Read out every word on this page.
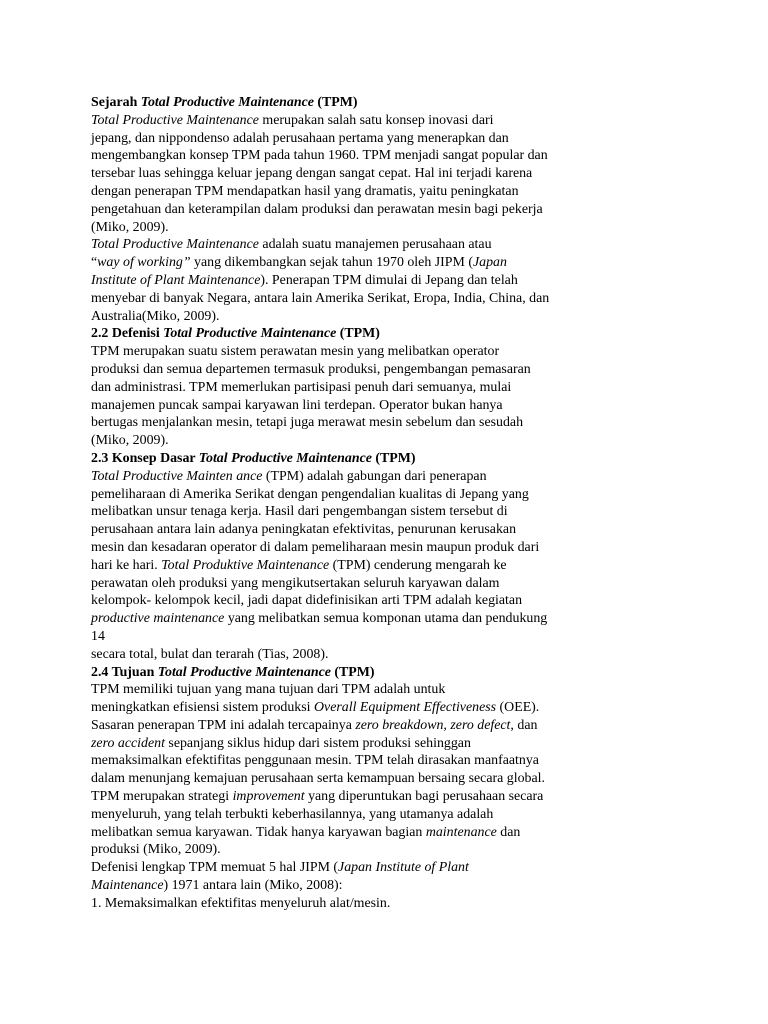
Sejarah Total Productive Maintenance (TPM)
Total Productive Maintenance merupakan salah satu konsep inovasi dari
jepang, dan nippondenso adalah perusahaan pertama yang menerapkan dan
mengembangkan konsep TPM pada tahun 1960. TPM menjadi sangat popular dan
tersebar luas sehingga keluar jepang dengan sangat cepat. Hal ini terjadi karena
dengan penerapan TPM mendapatkan hasil yang dramatis, yaitu peningkatan
pengetahuan dan keterampilan dalam produksi dan perawatan mesin bagi pekerja
(Miko, 2009).
Total Productive Maintenance adalah suatu manajemen perusahaan atau
“way of working” yang dikembangkan sejak tahun 1970 oleh JIPM (Japan
Institute of Plant Maintenance). Penerapan TPM dimulai di Jepang dan telah
menyebar di banyak Negara, antara lain Amerika Serikat, Eropa, India, China, dan
Australia(Miko, 2009).
2.2 Defenisi Total Productive Maintenance (TPM)
TPM merupakan suatu sistem perawatan mesin yang melibatkan operator
produksi dan semua departemen termasuk produksi, pengembangan pemasaran
dan administrasi. TPM memerlukan partisipasi penuh dari semuanya, mulai
manajemen puncak sampai karyawan lini terdepan. Operator bukan hanya
bertugas menjalankan mesin, tetapi juga merawat mesin sebelum dan sesudah
(Miko, 2009).
2.3 Konsep Dasar Total Productive Maintenance (TPM)
Total Productive Mainten ance (TPM) adalah gabungan dari penerapan
pemeliharaan di Amerika Serikat dengan pengendalian kualitas di Jepang yang
melibatkan unsur tenaga kerja. Hasil dari pengembangan sistem tersebut di
perusahaan antara lain adanya peningkatan efektivitas, penurunan kerusakan
mesin dan kesadaran operator di dalam pemeliharaan mesin maupun produk dari
hari ke hari. Total Produktive Maintenance (TPM) cenderung mengarah ke
perawatan oleh produksi yang mengikutsertakan seluruh karyawan dalam
kelompok- kelompok kecil, jadi dapat didefinisikan arti TPM adalah kegiatan
productive maintenance yang melibatkan semua komponan utama dan pendukung
14
secara total, bulat dan terarah (Tias, 2008).
2.4 Tujuan Total Productive Maintenance (TPM)
TPM memiliki tujuan yang mana tujuan dari TPM adalah untuk
meningkatkan efisiensi sistem produksi Overall Equipment Effectiveness (OEE).
Sasaran penerapan TPM ini adalah tercapainya zero breakdown, zero defect, dan
zero accident sepanjang siklus hidup dari sistem produksi sehinggan
memaksimalkan efektifitas penggunaan mesin. TPM telah dirasakan manfaatnya
dalam menunjang kemajuan perusahaan serta kemampuan bersaing secara global.
TPM merupakan strategi improvement yang diperuntukan bagi perusahaan secara
menyeluruh, yang telah terbukti keberhasilannya, yang utamanya adalah
melibatkan semua karyawan. Tidak hanya karyawan bagian maintenance dan
produksi (Miko, 2009).
Defenisi lengkap TPM memuat 5 hal JIPM (Japan Institute of Plant
Maintenance) 1971 antara lain (Miko, 2008):
1. Memaksimalkan efektifitas menyeluruh alat/mesin.
